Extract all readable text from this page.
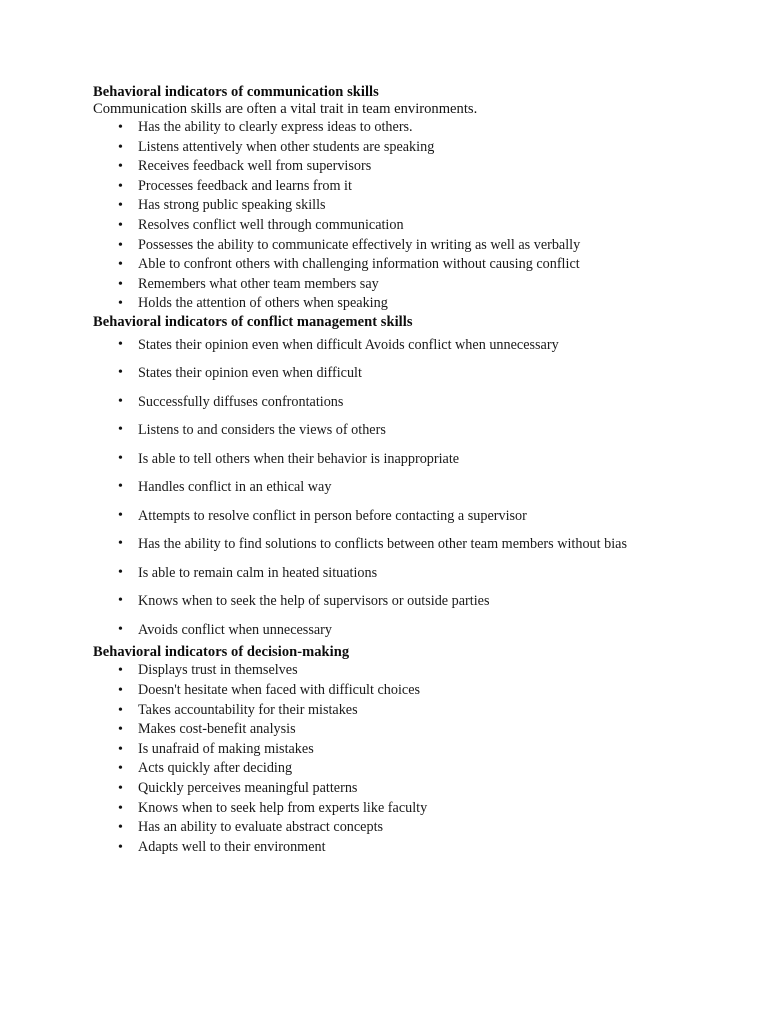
Behavioral indicators of communication skills

Communication skills are often a vital trait in team environments.

• Has the ability to clearly express ideas to others.
• Listens attentively when other students are speaking
• Receives feedback well from supervisors
• Processes feedback and learns from it
• Has strong public speaking skills
• Resolves conflict well through communication
• Possesses the ability to communicate effectively in writing as well as verbally
• Able to confront others with challenging information without causing conflict
• Remembers what other team members say
• Holds the attention of others when speaking
Behavioral indicators of conflict management skills
• States their opinion even when difficult Avoids conflict when unnecessary
• States their opinion even when difficult
• Successfully diffuses confrontations
• Listens to and considers the views of others
• Is able to tell others when their behavior is inappropriate
• Handles conflict in an ethical way
• Attempts to resolve conflict in person before contacting a supervisor
• Has the ability to find solutions to conflicts between other team members without bias
• Is able to remain calm in heated situations
• Knows when to seek the help of supervisors or outside parties
• Avoids conflict when unnecessary
Behavioral indicators of decision-making
• Displays trust in themselves
• Doesn't hesitate when faced with difficult choices
• Takes accountability for their mistakes
• Makes cost-benefit analysis
• Is unafraid of making mistakes
• Acts quickly after deciding
• Quickly perceives meaningful patterns
• Knows when to seek help from experts like faculty
• Has an ability to evaluate abstract concepts
• Adapts well to their environment
